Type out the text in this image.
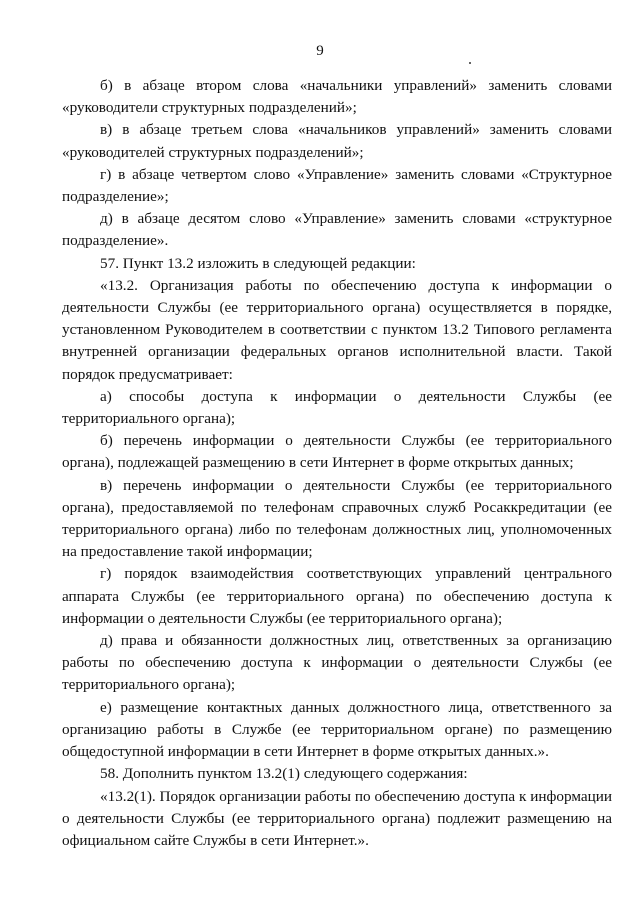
9

б) в абзаце втором слова «начальники управлений» заменить словами «руководители структурных подразделений»;

в) в абзаце третьем слова «начальников управлений» заменить словами «руководителей структурных подразделений»;

г) в абзаце четвертом слово «Управление» заменить словами «Структурное подразделение»;

д) в абзаце десятом слово «Управление» заменить словами «структурное подразделение».

57. Пункт 13.2 изложить в следующей редакции:

«13.2. Организация работы по обеспечению доступа к информации о деятельности Службы (ее территориального органа) осуществляется в порядке, установленном Руководителем в соответствии с пунктом 13.2 Типового регламента внутренней организации федеральных органов исполнительной власти. Такой порядок предусматривает:

а) способы доступа к информации о деятельности Службы (ее территориального органа);

б) перечень информации о деятельности Службы (ее территориального органа), подлежащей размещению в сети Интернет в форме открытых данных;

в) перечень информации о деятельности Службы (ее территориального органа), предоставляемой по телефонам справочных служб Росаккредитации (ее территориального органа) либо по телефонам должностных лиц, уполномоченных на предоставление такой информации;

г) порядок взаимодействия соответствующих управлений центрального аппарата Службы (ее территориального органа) по обеспечению доступа к информации о деятельности Службы (ее территориального органа);

д) права и обязанности должностных лиц, ответственных за организацию работы по обеспечению доступа к информации о деятельности Службы (ее территориального органа);

е) размещение контактных данных должностного лица, ответственного за организацию работы в Службе (ее территориальном органе) по размещению общедоступной информации в сети Интернет в форме открытых данных.».

58. Дополнить пунктом 13.2(1) следующего содержания:

«13.2(1). Порядок организации работы по обеспечению доступа к информации о деятельности Службы (ее территориального органа) подлежит размещению на официальном сайте Службы в сети Интернет.».
